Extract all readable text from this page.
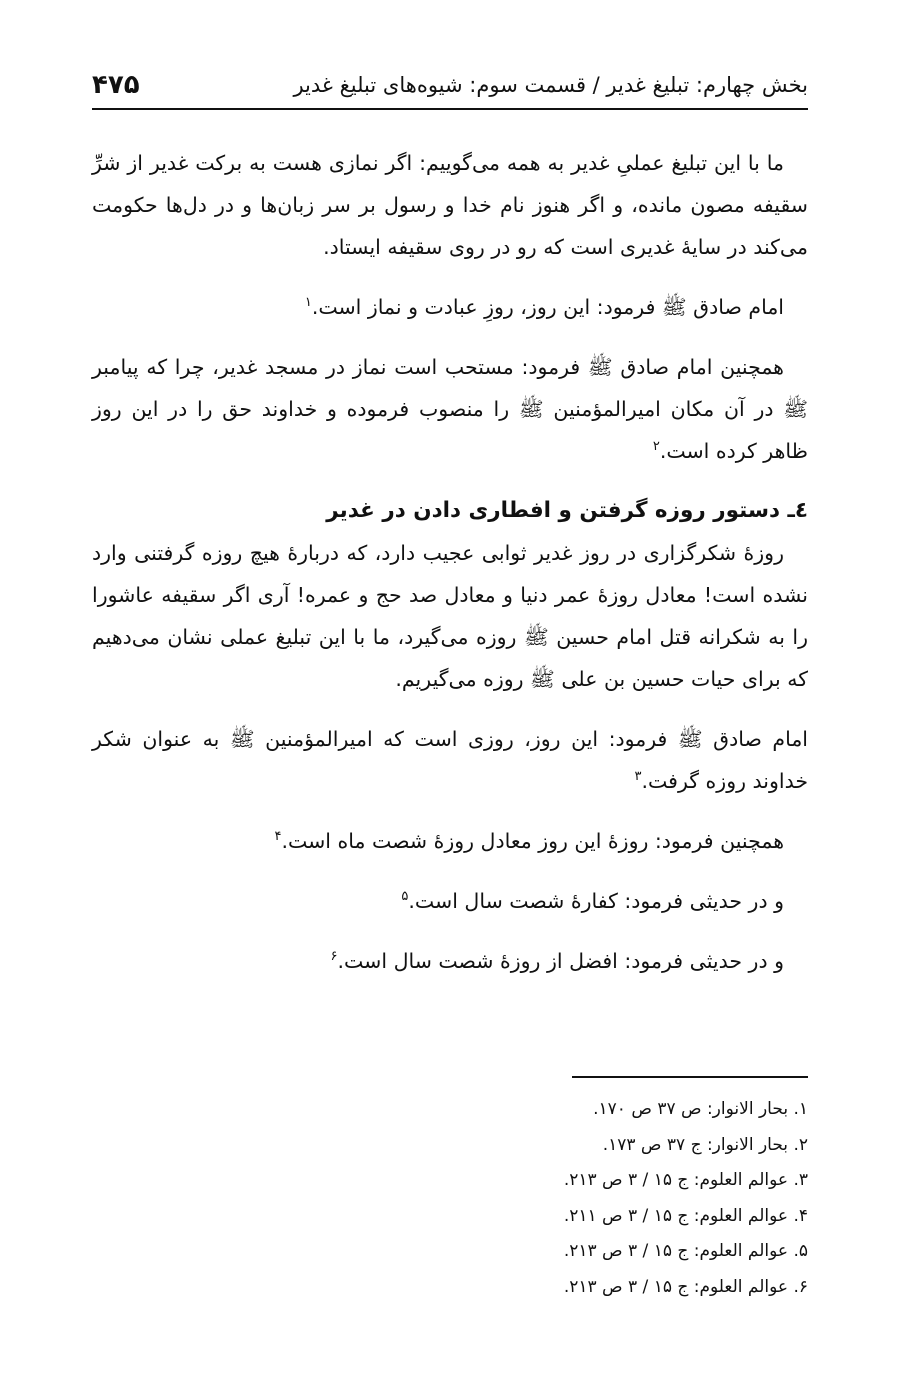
بخش چهارم: تبلیغ غدیر / قسمت سوم: شیوه‌های تبلیغ غدیر
۴۷۵

ما با این تبلیغ عملیِ غدیر به همه می‌گوییم: اگر نمازی هست به برکت غدیر از شرِّ سقیفه مصون مانده، و اگر هنوز نام خدا و رسول بر سر زبان‌ها و در دل‌ها حکومت می‌کند در سایهٔ غدیری است که رو در روی سقیفه ایستاد.

امام صادق ﷺ فرمود: این روز، روزِ عبادت و نماز است.$^۱$

همچنین امام صادق ﷺ فرمود: مستحب است نماز در مسجد غدیر، چرا که پیامبر ﷺ در آن مکان امیرالمؤمنین ﷺ را منصوب فرموده و خداوند حق را در این روز ظاهر کرده است.$^۲$

٤ـ دستور روزه گرفتن و افطاری دادن در غدیر

روزهٔ شکرگزاری در روز غدیر ثوابی عجیب دارد، که دربارهٔ هیچ روزه گرفتنی وارد نشده است! معادل روزهٔ عمر دنیا و معادل صد حج و عمره! آری اگر سقیفه عاشورا را به شکرانه قتل امام حسین ﷺ روزه می‌گیرد، ما با این تبلیغ عملی نشان می‌دهیم که برای حیات حسین بن علی ﷺ روزه می‌گیریم.

امام صادق ﷺ فرمود: این روز، روزی است که امیرالمؤمنین ﷺ به عنوان شکر خداوند روزه گرفت.$^۳$

همچنین فرمود: روزهٔ این روز معادل روزهٔ شصت ماه است.$^۴$

و در حدیثی فرمود: کفارهٔ شصت سال است.$^۵$

و در حدیثی فرمود: افضل از روزهٔ شصت سال است.$^۶$

۱. بحار الانوار: ص ۳۷ ص ۱۷۰.

۲. بحار الانوار: ج ۳۷ ص ۱۷۳.

۳. عوالم العلوم: ج ۱۵ / ۳ ص ۲۱۳.

۴. عوالم العلوم: ج ۱۵ / ۳ ص ۲۱۱.

۵. عوالم العلوم: ج ۱۵ / ۳ ص ۲۱۳.

۶. عوالم العلوم: ج ۱۵ / ۳ ص ۲۱۳.
